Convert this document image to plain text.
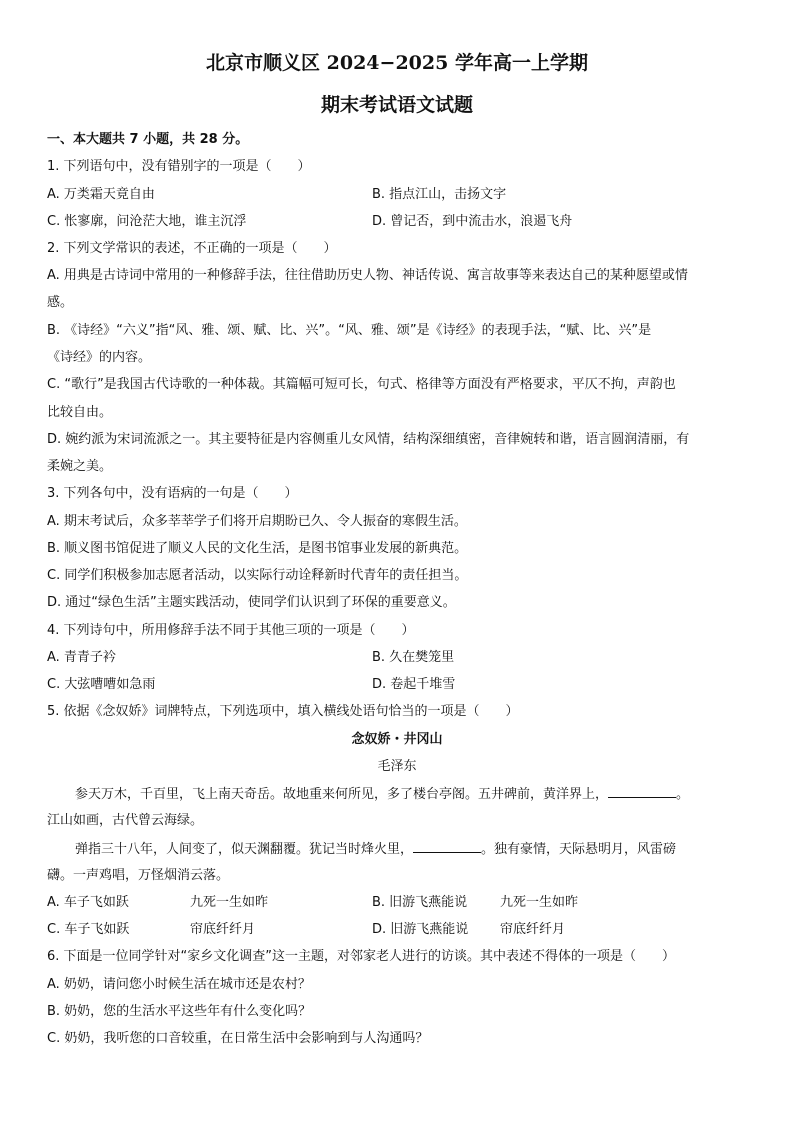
北京市顺义区 2024−2025 学年高一上学期
期末考试语文试题
一、本大题共 7 小题，共 28 分。
1. 下列语句中，没有错别字的一项是（　　）
A. 万类霜天竟自由	B. 指点江山，击扬文字
C. 怅寥廓，问沧茫大地，谁主沉浮	D. 曾记否，到中流击水，浪遏飞舟
2. 下列文学常识的表述，不正确的一项是（　　）
A. 用典是古诗词中常用的一种修辞手法，往往借助历史人物、神话传说、寓言故事等来表达自己的某种愿望或情
感。
B. 《诗经》“六义”指“风、雅、颂、赋、比、兴”。“风、雅、颂”是《诗经》的表现手法，“赋、比、兴”是
《诗经》的内容。
C. “歌行”是我国古代诗歌的一种体裁。其篇幅可短可长，句式、格律等方面没有严格要求，平仄不拘，声韵也
比较自由。
D. 婉约派为宋词流派之一。其主要特征是内容侧重儿女风情，结构深细缜密，音律婉转和谐，语言圆润清丽，有
柔婉之美。
3. 下列各句中，没有语病的一句是（　　）
A. 期末考试后，众多莘莘学子们将开启期盼已久、令人振奋的寒假生活。
B. 顺义图书馆促进了顺义人民的文化生活，是图书馆事业发展的新典范。
C. 同学们积极参加志愿者活动，以实际行动诠释新时代青年的责任担当。
D. 通过“绿色生活”主题实践活动，使同学们认识到了环保的重要意义。
4. 下列诗句中，所用修辞手法不同于其他三项的一项是（　　）
A. 青青子衿	B. 久在樊笼里
C. 大弦嘈嘈如急雨	D. 卷起千堆雪
5. 依据《念奴娇》词牌特点，下列选项中，填入横线处语句恰当的一项是（　　）
念奴娇・井冈山
毛泽东
参天万木，千百里，飞上南天奇岳。故地重来何所见，多了楼台亭阁。五井碑前，黄洋界上，	。
江山如画，古代曾云海绿。
弹指三十八年，人间变了，似天渊翻覆。犹记当时烽火里，	。独有豪情，天际悬明月，风雷磅
礴。一声鸡唱，万怪烟消云落。
A. 车子飞如跃	九死一生如昨	B. 旧游飞燕能说	九死一生如昨
C. 车子飞如跃	帘底纤纤月	D. 旧游飞燕能说 帘底纤纤月
6. 下面是一位同学针对“家乡文化调查”这一主题，对邻家老人进行的访谈。其中表述不得体的一项是（　　）
A. 奶奶，请问您小时候生活在城市还是农村？
B. 奶奶，您的生活水平这些年有什么变化吗？
C. 奶奶，我听您的口音较重，在日常生活中会影响到与人沟通吗？
